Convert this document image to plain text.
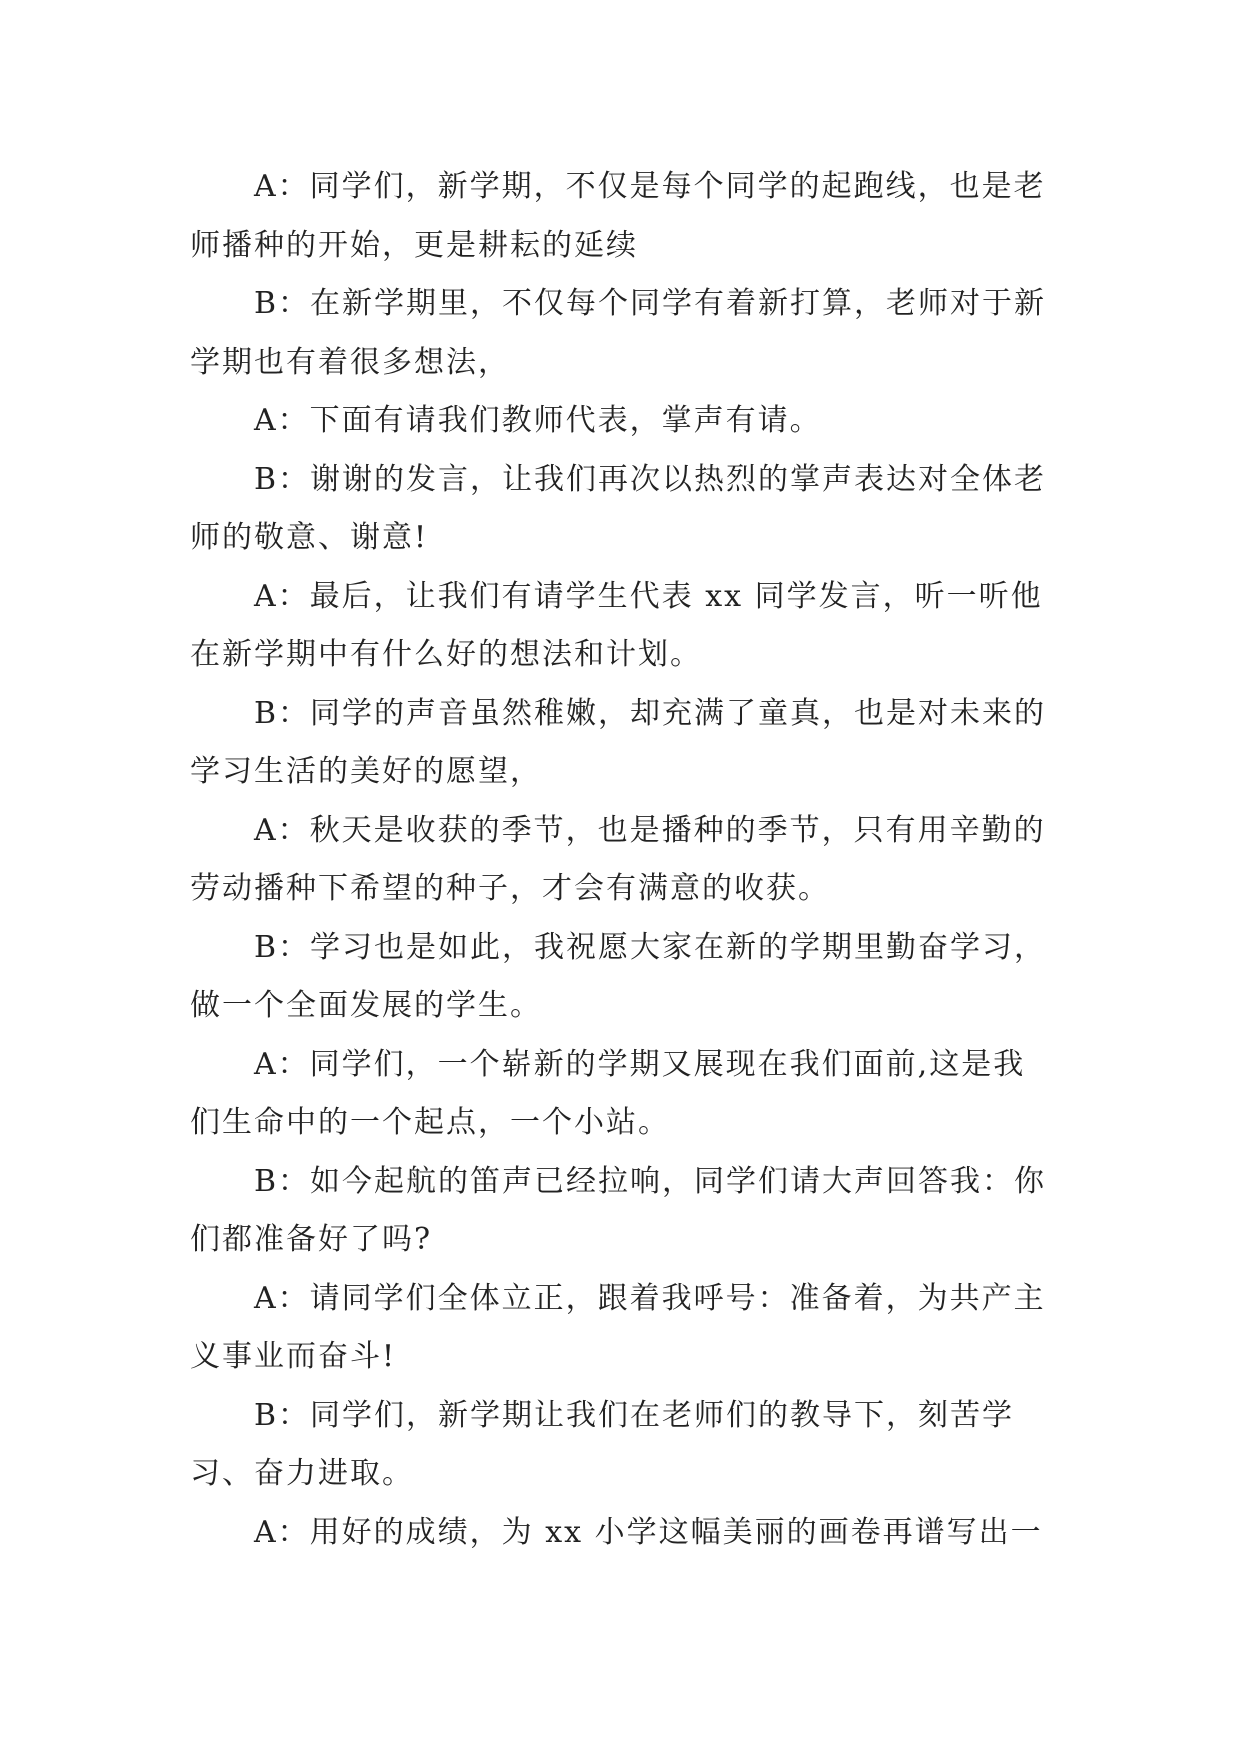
A：同学们，新学期，不仅是每个同学的起跑线，也是老师播种的开始，更是耕耘的延续

B：在新学期里，不仅每个同学有着新打算，老师对于新学期也有着很多想法，

A：下面有请我们教师代表，掌声有请。

B：谢谢的发言，让我们再次以热烈的掌声表达对全体老师的敬意、谢意!

A：最后，让我们有请学生代表 xx 同学发言，听一听他在新学期中有什么好的想法和计划。

B：同学的声音虽然稚嫩，却充满了童真，也是对未来的学习生活的美好的愿望，

A：秋天是收获的季节，也是播种的季节，只有用辛勤的劳动播种下希望的种子，才会有满意的收获。

B：学习也是如此，我祝愿大家在新的学期里勤奋学习，做一个全面发展的学生。

A：同学们，一个崭新的学期又展现在我们面前,这是我们生命中的一个起点，一个小站。

B：如今起航的笛声已经拉响，同学们请大声回答我：你们都准备好了吗?

A：请同学们全体立正，跟着我呼号：准备着，为共产主义事业而奋斗!

B：同学们，新学期让我们在老师们的教导下，刻苦学习、奋力进取。

A：用好的成绩，为 xx 小学这幅美丽的画卷再谱写出一
